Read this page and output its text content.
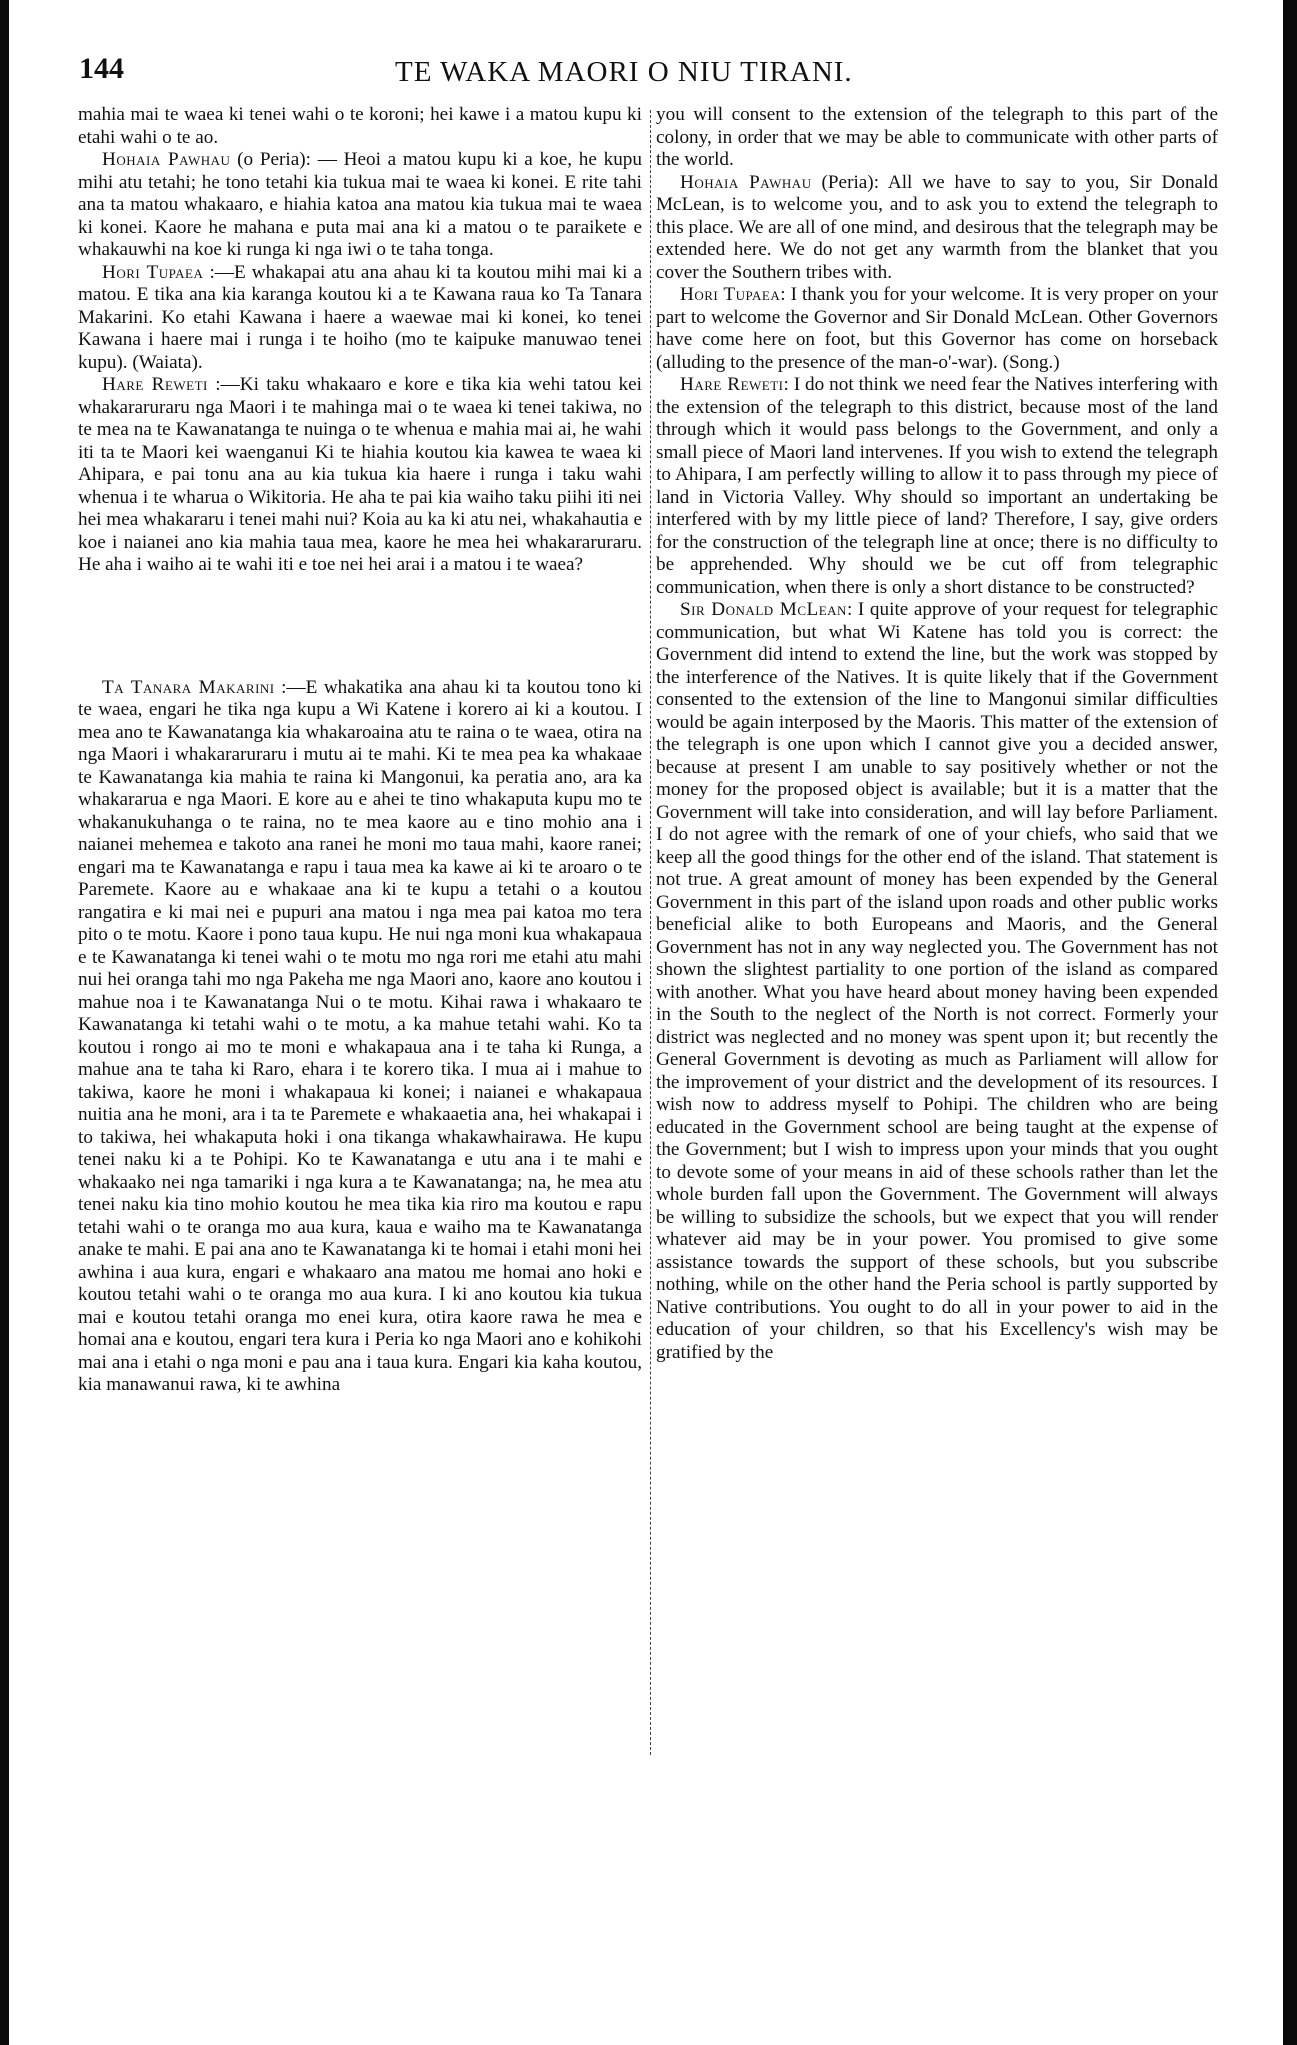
144	TE WAKA MAORI O NIU TIRANI.

mahia mai te waea ki tenei wahi o te koroni; hei kawe i a matou kupu ki etahi wahi o te ao.

Hohaia Pawhau (o Peria): — Heoi a matou kupu ki a koe, he kupu mihi atu tetahi; he tono tetahi kia tukua mai te waea ki konei. E rite tahi ana ta matou whakaaro, e hiahia katoa ana matou kia tukua mai te waea ki konei. Kaore he mahana e puta mai ana ki a matou o te paraikete e whakauwhi na koe ki runga ki nga iwi o te taha tonga.

Hori Tupaea :—E whakapai atu ana ahau ki ta koutou mihi mai ki a matou. E tika ana kia karanga koutou ki a te Kawana raua ko Ta Tanara Makarini. Ko etahi Kawana i haere a waewae mai ki konei, ko tenei Kawana i haere mai i runga i te hoiho (mo te kaipuke manuwao tenei kupu). (Waiata).

Hare Reweti :—Ki taku whakaaro e kore e tika kia wehi tatou kei whakararuraru nga Maori i te mahinga mai o te waea ki tenei takiwa, no te mea na te Kawanatanga te nuinga o te whenua e mahia mai ai, he wahi iti ta te Maori kei waenganui Ki te hiahia koutou kia kawea te waea ki Ahipara, e pai tonu ana au kia tukua kia haere i runga i taku wahi whenua i te wharua o Wikitoria. He aha te pai kia waiho taku piihi iti nei hei mea whakararu i tenei mahi nui? Koia au ka ki atu nei, whakahautia e koe i naianei ano kia mahia taua mea, kaore he mea hei whakararuraru. He aha i waiho ai te wahi iti e toe nei hei arai i a matou i te waea?

Ta Tanara Makarini :—E whakatika ana ahau ki ta koutou tono ki te waea, engari he tika nga kupu a Wi Katene i korero ai ki a koutou. I mea ano te Kawanatanga kia whakaroaina atu te raina o te waea, otira na nga Maori i whakararuraru i mutu ai te mahi. Ki te mea pea ka whakaae te Kawanatanga kia mahia te raina ki Mangonui, ka peratia ano, ara ka whakararua e nga Maori. E kore au e ahei te tino whakaputa kupu mo te whakanukuhanga o te raina, no te mea kaore au e tino mohio ana i naianei mehemea e takoto ana ranei he moni mo taua mahi, kaore ranei; engari ma te Kawanatanga e rapu i taua mea ka kawe ai ki te aroaro o te Paremete. Kaore au e whakaae ana ki te kupu a tetahi o a koutou rangatira e ki mai nei e pupuri ana matou i nga mea pai katoa mo tera pito o te motu. Kaore i pono taua kupu. He nui nga moni kua whakapaua e te Kawanatanga ki tenei wahi o te motu mo nga rori me etahi atu mahi nui hei oranga tahi mo nga Pakeha me nga Maori ano, kaore ano koutou i mahue noa i te Kawanatanga Nui o te motu. Kihai rawa i whakaaro te Kawanatanga ki tetahi wahi o te motu, a ka mahue tetahi wahi. Ko ta koutou i rongo ai mo te moni e whakapaua ana i te taha ki Runga, a mahue ana te taha ki Raro, ehara i te korero tika. I mua ai i mahue to takiwa, kaore he moni i whakapaua ki konei; i naianei e whakapaua nuitia ana he moni, ara i ta te Paremete e whakaaetia ana, hei whakapai i to takiwa, hei whakaputa hoki i ona tikanga whakawhairawa. He kupu tenei naku ki a te Pohipi. Ko te Kawanatanga e utu ana i te mahi e whakaako nei nga tamariki i nga kura a te Kawanatanga; na, he mea atu tenei naku kia tino mohio koutou he mea tika kia riro ma koutou e rapu tetahi wahi o te oranga mo aua kura, kaua e waiho ma te Kawanatanga anake te mahi. E pai ana ano te Kawanatanga ki te homai i etahi moni hei awhina i aua kura, engari e whakaaro ana matou me homai ano hoki e koutou tetahi wahi o te oranga mo aua kura. I ki ano koutou kia tukua mai e koutou tetahi oranga mo enei kura, otira kaore rawa he mea e homai ana e koutou, engari tera kura i Peria ko nga Maori ano e kohikohi mai ana i etahi o nga moni e pau ana i taua kura. Engari kia kaha koutou, kia manawanui rawa, ki te awhina

you will consent to the extension of the telegraph to this part of the colony, in order that we may be able to communicate with other parts of the world.

Hohaia Pawhau (Peria): All we have to say to you, Sir Donald McLean, is to welcome you, and to ask you to extend the telegraph to this place. We are all of one mind, and desirous that the telegraph may be extended here. We do not get any warmth from the blanket that you cover the Southern tribes with.

Hori Tupaea: I thank you for your welcome. It is very proper on your part to welcome the Governor and Sir Donald McLean. Other Governors have come here on foot, but this Governor has come on horseback (alluding to the presence of the man-o'-war). (Song.)

Hare Reweti: I do not think we need fear the Natives interfering with the extension of the telegraph to this district, because most of the land through which it would pass belongs to the Government, and only a small piece of Maori land intervenes. If you wish to extend the telegraph to Ahipara, I am perfectly willing to allow it to pass through my piece of land in Victoria Valley. Why should so important an undertaking be interfered with by my little piece of land? Therefore, I say, give orders for the construction of the telegraph line at once; there is no difficulty to be apprehended. Why should we be cut off from telegraphic communication, when there is only a short distance to be constructed?

Sir Donald McLean: I quite approve of your request for telegraphic communication, but what Wi Katene has told you is correct: the Government did intend to extend the line, but the work was stopped by the interference of the Natives. It is quite likely that if the Government consented to the extension of the line to Mangonui similar difficulties would be again interposed by the Maoris. This matter of the extension of the telegraph is one upon which I cannot give you a decided answer, because at present I am unable to say positively whether or not the money for the proposed object is available; but it is a matter that the Government will take into consideration, and will lay before Parliament. I do not agree with the remark of one of your chiefs, who said that we keep all the good things for the other end of the island. That statement is not true. A great amount of money has been expended by the General Government in this part of the island upon roads and other public works beneficial alike to both Europeans and Maoris, and the General Government has not in any way neglected you. The Government has not shown the slightest partiality to one portion of the island as compared with another. What you have heard about money having been expended in the South to the neglect of the North is not correct. Formerly your district was neglected and no money was spent upon it; but recently the General Government is devoting as much as Parliament will allow for the improvement of your district and the development of its resources. I wish now to address myself to Pohipi. The children who are being educated in the Government school are being taught at the expense of the Government; but I wish to impress upon your minds that you ought to devote some of your means in aid of these schools rather than let the whole burden fall upon the Government. The Government will always be willing to subsidize the schools, but we expect that you will render whatever aid may be in your power. You promised to give some assistance towards the support of these schools, but you subscribe nothing, while on the other hand the Peria school is partly supported by Native contributions. You ought to do all in your power to aid in the education of your children, so that his Excellency's wish may be gratified by the
